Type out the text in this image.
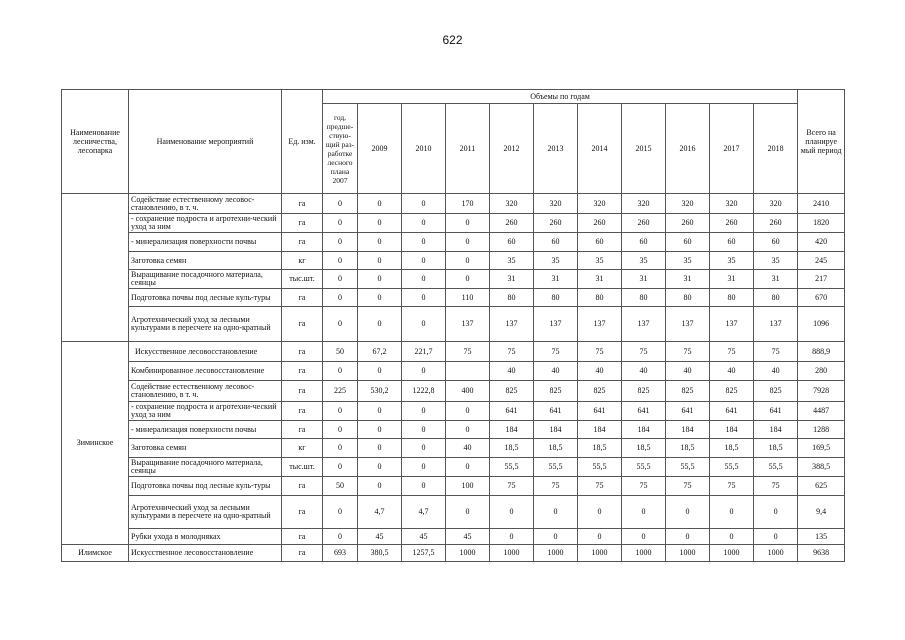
622
Наименование лесничества, лесопарка	Наименование мероприятий	Ед. изм.	Объемы по годам											Всего на планируе мый период
			год, предше-ствую-щий раз-работке лесного плана 2007	2009	2010	2011	2012	2013	2014	2015	2016	2017	2018	
	Содействие естественному лесовос-становлению, в т. ч.	га	0	0	0	170	320	320	320	320	320	320	320	2410
	- сохранение подроста и агротехни-ческий уход за ним	га	0	0	0	0	260	260	260	260	260	260	260	1820
	- минерализация поверхности почвы	га	0	0	0	0	60	60	60	60	60	60	60	420
	Заготовка семян	кг	0	0	0	0	35	35	35	35	35	35	35	245
	Выращивание посадочного материала, сеянцы	тыс.шт.	0	0	0	0	31	31	31	31	31	31	31	217
	Подготовка почвы под лесные куль-туры	га	0	0	0	110	80	80	80	80	80	80	80	670
	Агротехнический уход за лесными культурами в пересчете на одно-кратный	га	0	0	0	137	137	137	137	137	137	137	137	1096
Зиминское	Искусственное лесовосстановление	га	50	67,2	221,7	75	75	75	75	75	75	75	75	888,9
	Комбинированное лесовосстановление	га	0	0	0		40	40	40	40	40	40	40	280
	Содействие естественному лесовос-становлению, в т. ч.	га	225	530,2	1222,8	400	825	825	825	825	825	825	825	7928
	- сохранение подроста и агротехни-ческий уход за ним	га	0	0	0	0	641	641	641	641	641	641	641	4487
	- минерализация поверхности почвы	га	0	0	0	0	184	184	184	184	184	184	184	1288
	Заготовка семян	кг	0	0	0	40	18,5	18,5	18,5	18,5	18,5	18,5	18,5	169,5
	Выращивание посадочного материала, сеянцы	тыс.шт.	0	0	0	0	55,5	55,5	55,5	55,5	55,5	55,5	55,5	388,5
	Подготовка почвы под лесные куль-туры	га	50	0	0	100	75	75	75	75	75	75	75	625
	Агротехнический уход за лесными культурами в пересчете на одно-кратный	га	0	4,7	4,7	0	0	0	0	0	0	0	0	9,4
	Рубки ухода в молодняках	га	0	45	45	45	0	0	0	0	0	0	0	135
Илимское	Искусственное лесовосстановление	га	693	380,5	1257,5	1000	1000	1000	1000	1000	1000	1000	1000	9638
